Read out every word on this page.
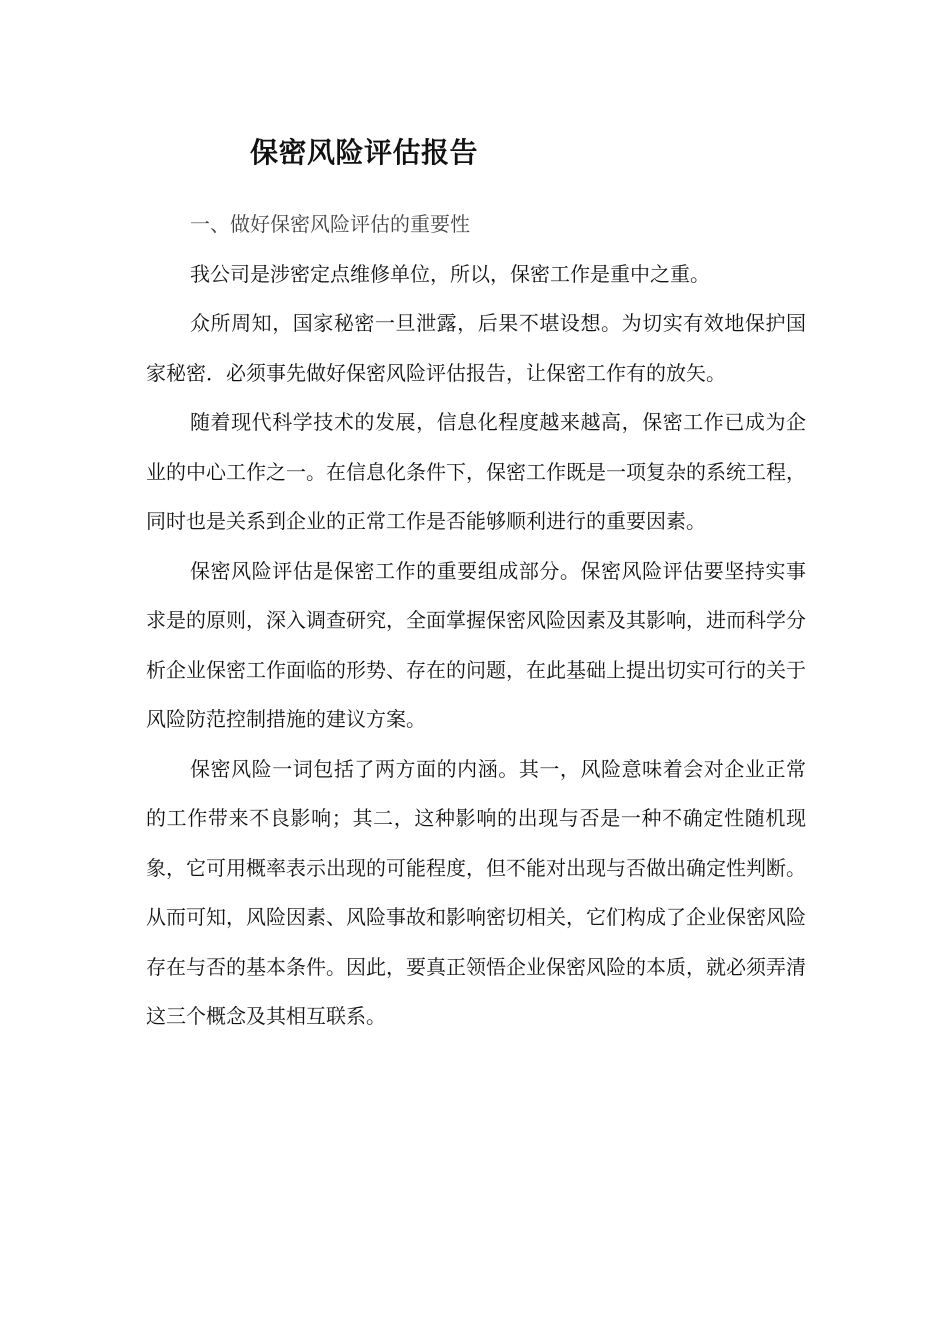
保密风险评估报告

一、做好保密风险评估的重要性

我公司是涉密定点维修单位，所以，保密工作是重中之重。

众所周知，国家秘密一旦泄露，后果不堪设想。为切实有效地保护国家秘密．必须事先做好保密风险评估报告，让保密工作有的放矢。

随着现代科学技术的发展，信息化程度越来越高，保密工作已成为企业的中心工作之一。在信息化条件下，保密工作既是一项复杂的系统工程，同时也是关系到企业的正常工作是否能够顺利进行的重要因素。

保密风险评估是保密工作的重要组成部分。保密风险评估要坚持实事求是的原则，深入调查研究，全面掌握保密风险因素及其影响，进而科学分析企业保密工作面临的形势、存在的问题，在此基础上提出切实可行的关于风险防范控制措施的建议方案。

保密风险一词包括了两方面的内涵。其一，风险意味着会对企业正常的工作带来不良影响；其二，这种影响的出现与否是一种不确定性随机现象，它可用概率表示出现的可能程度，但不能对出现与否做出确定性判断。从而可知，风险因素、风险事故和影响密切相关，它们构成了企业保密风险存在与否的基本条件。因此，要真正领悟企业保密风险的本质，就必须弄清这三个概念及其相互联系。
